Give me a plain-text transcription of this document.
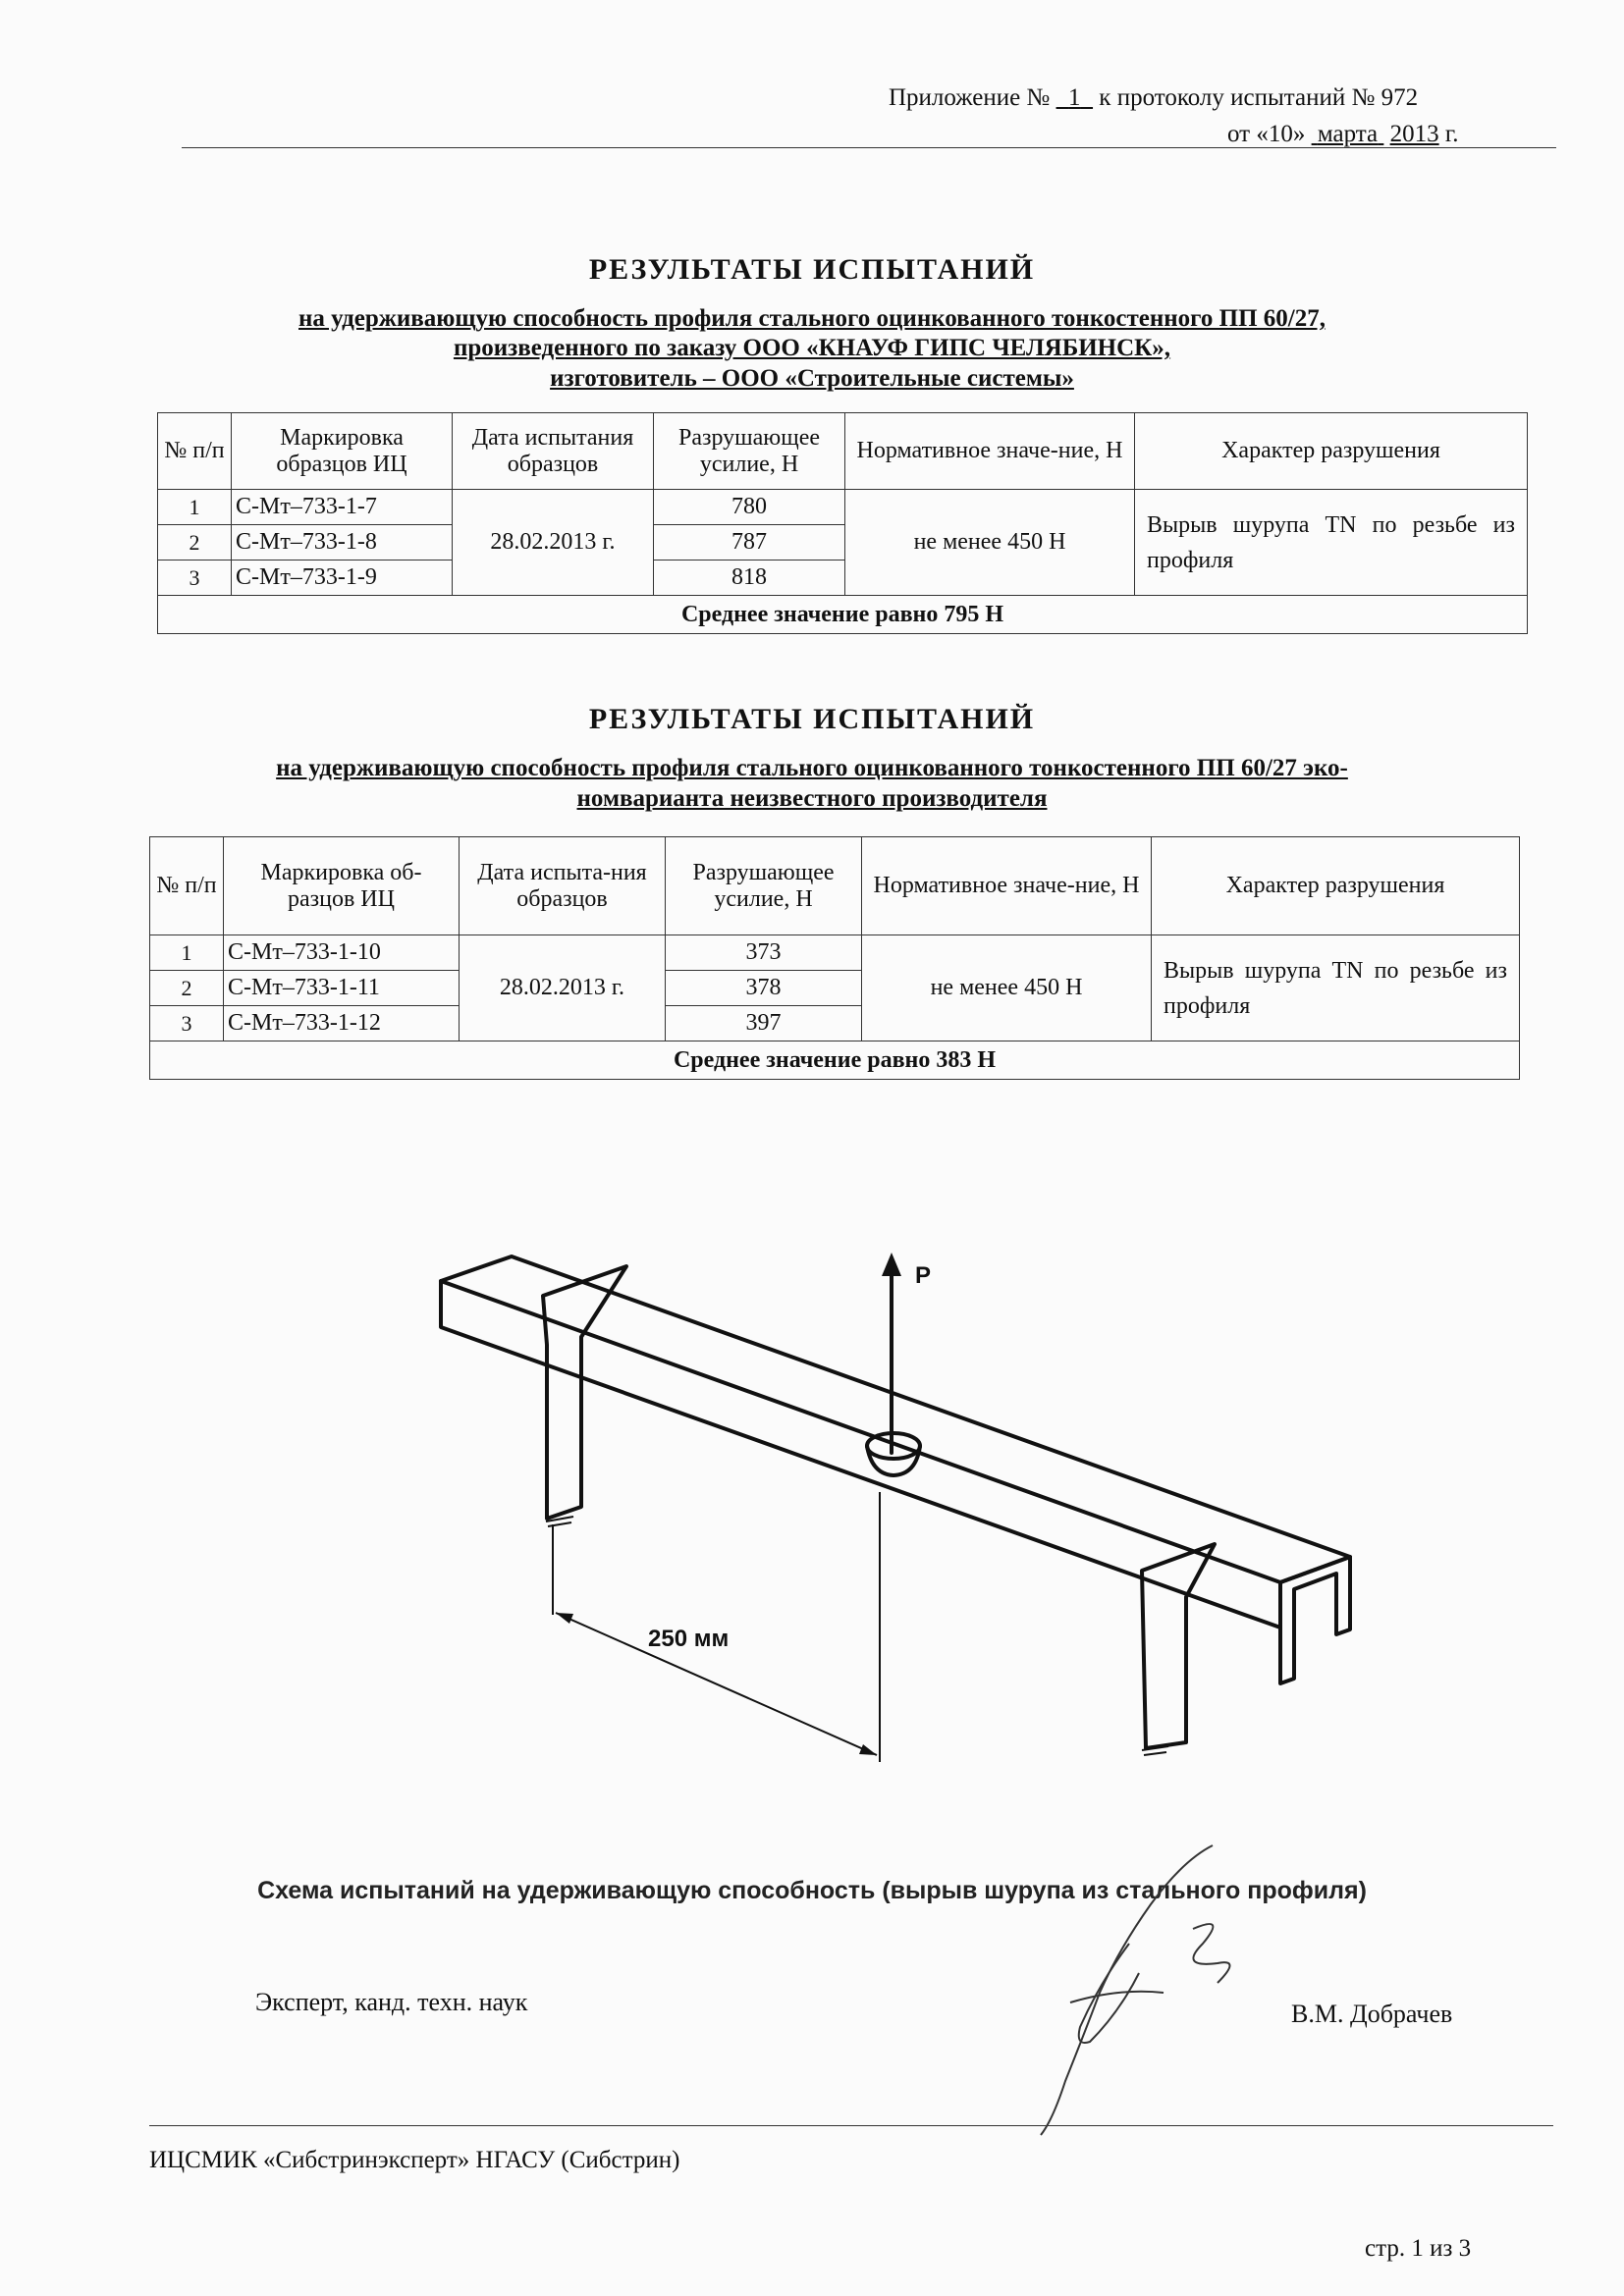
Приложение № 1 к протоколу испытаний № 972
от «10» марта 2013 г.
РЕЗУЛЬТАТЫ ИСПЫТАНИЙ
на удерживающую способность профиля стального оцинкованного тонкостенного ПП 60/27,
произведенного по заказу ООО «КНАУФ ГИПС ЧЕЛЯБИНСК»,
изготовитель – ООО «Строительные системы»
№ п/п	Маркировка образцов ИЦ	Дата испытания образцов	Разрушающее усилие, Н	Нормативное значе-ние, Н	Характер разрушения
1	С-Мт–733-1-7	28.02.2013 г.	780	не менее 450 Н	Вырыв шурупа TN по резьбе из профиля
2	С-Мт–733-1-8		787		
3	С-Мт–733-1-9		818		
Среднее значение равно 795 Н					
РЕЗУЛЬТАТЫ ИСПЫТАНИЙ
на удерживающую способность профиля стального оцинкованного тонкостенного ПП 60/27 эко-
номварианта неизвестного производителя
№ п/п	Маркировка об-разцов ИЦ	Дата испыта-ния образцов	Разрушающее усилие, Н	Нормативное значе-ние, Н	Характер разрушения
1	С-Мт–733-1-10	28.02.2013 г.	373	не менее 450 Н	Вырыв шурупа TN по резьбе из профиля
2	С-Мт–733-1-11		378		
3	С-Мт–733-1-12		397		
Среднее значение равно 383 Н					
P
250 мм
Схема испытаний на удерживающую способность (вырыв шурупа из стального профиля)
Эксперт, канд. техн. наук	В.М. Добрачев
ИЦСМИК «Сибстринэксперт» НГАСУ (Сибстрин)
стр. 1 из 3
